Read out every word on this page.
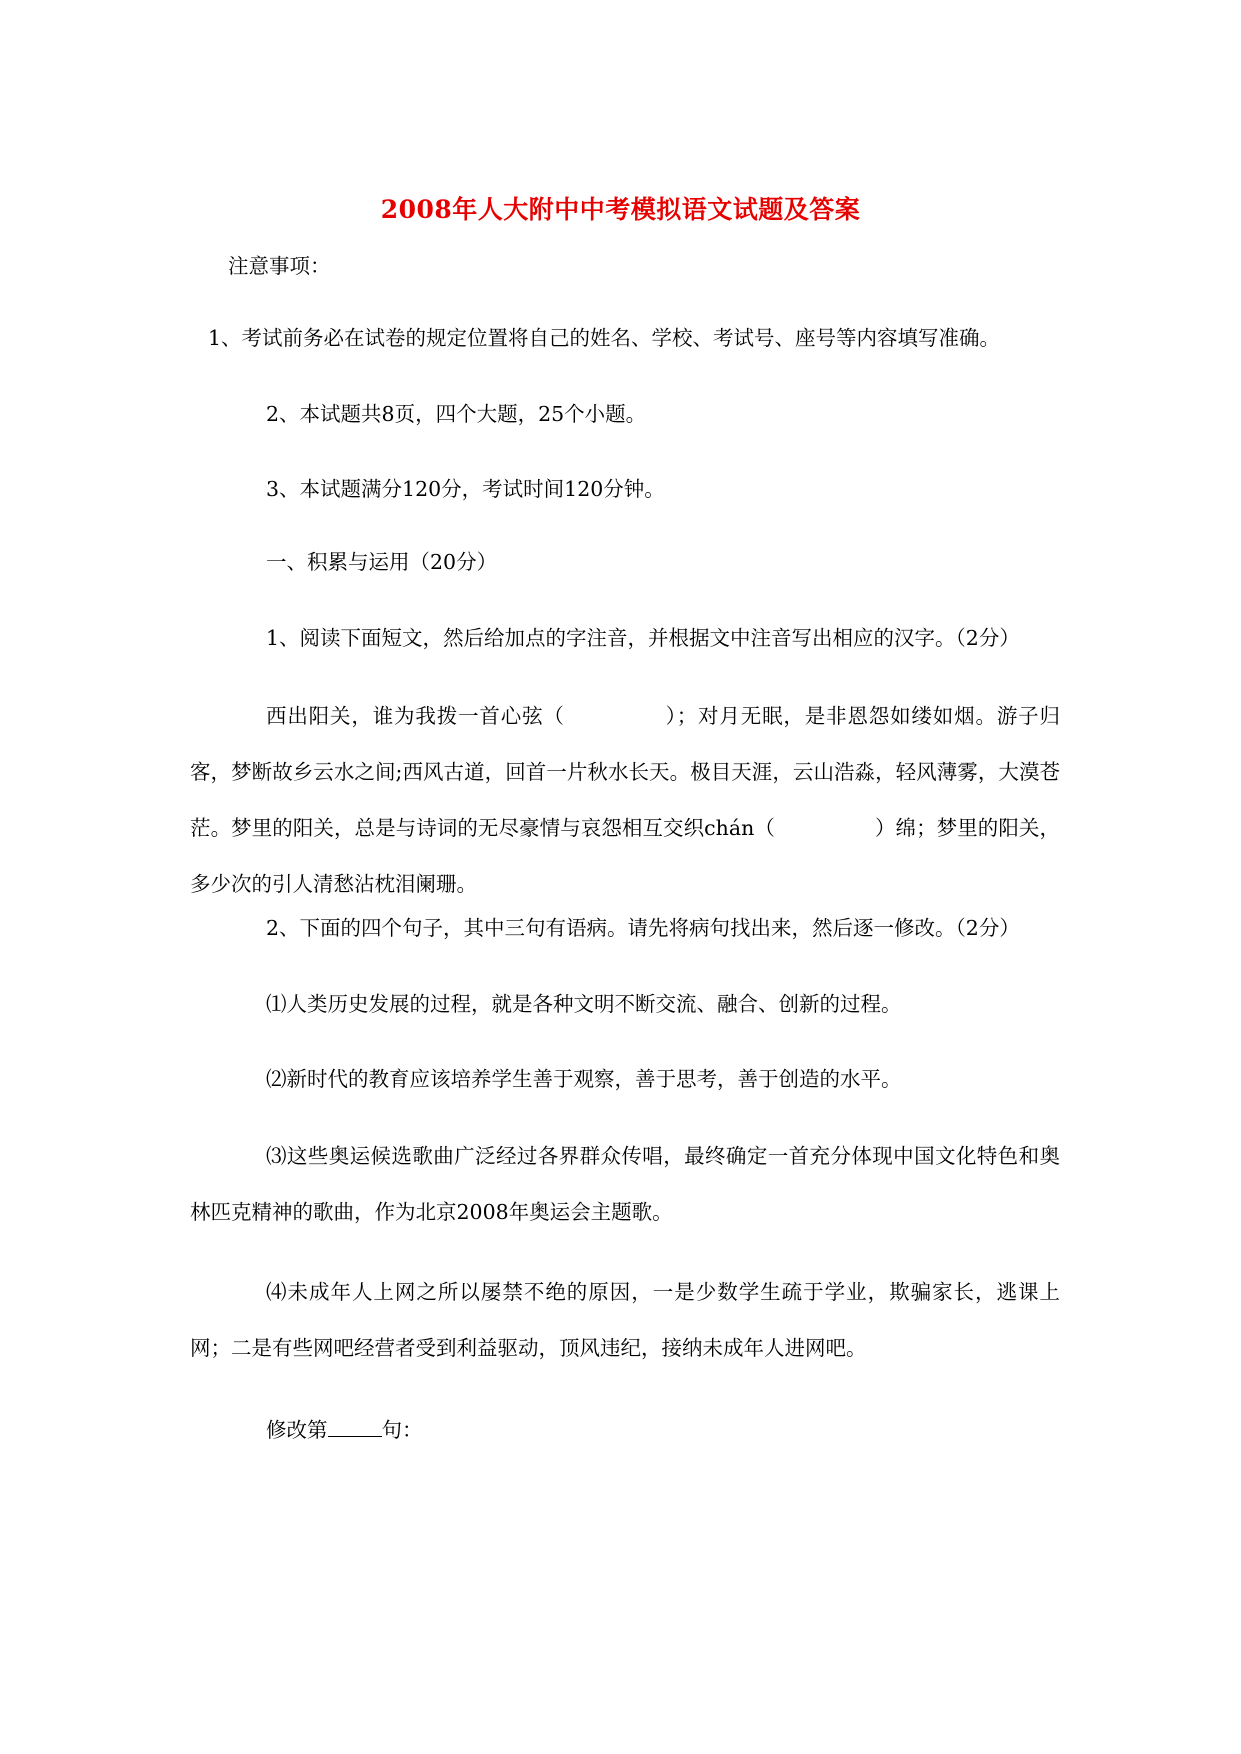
2008年人大附中中考模拟语文试题及答案
注意事项：
1、考试前务必在试卷的规定位置将自己的姓名、学校、考试号、座号等内容填写准确。
2、本试题共8页，四个大题，25个小题。
3、本试题满分120分，考试时间120分钟。
一、积累与运用（20分）
1、阅读下面短文，然后给加点的字注音，并根据文中注音写出相应的汉字。（2分）
西出阳关，谁为我拨一首心弦（	）；对月无眠，是非恩怨如缕如烟。游子归客，梦断故乡云水之间;西风古道，回首一片秋水长天。极目天涯，云山浩淼，轻风薄雾，大漠苍茫。梦里的阳关，总是与诗词的无尽豪情与哀怨相互交织chán（	）绵；梦里的阳关，多少次的引人清愁沾枕泪阑珊。
2、下面的四个句子，其中三句有语病。请先将病句找出来，然后逐一修改。（2分）
⑴人类历史发展的过程，就是各种文明不断交流、融合、创新的过程。
⑵新时代的教育应该培养学生善于观察，善于思考，善于创造的水平。
⑶这些奥运候选歌曲广泛经过各界群众传唱，最终确定一首充分体现中国文化特色和奥林匹克精神的歌曲，作为北京2008年奥运会主题歌。
⑷未成年人上网之所以屡禁不绝的原因，一是少数学生疏于学业，欺骗家长，逃课上网；二是有些网吧经营者受到利益驱动，顶风违纪，接纳未成年人进网吧。
修改第	句：
